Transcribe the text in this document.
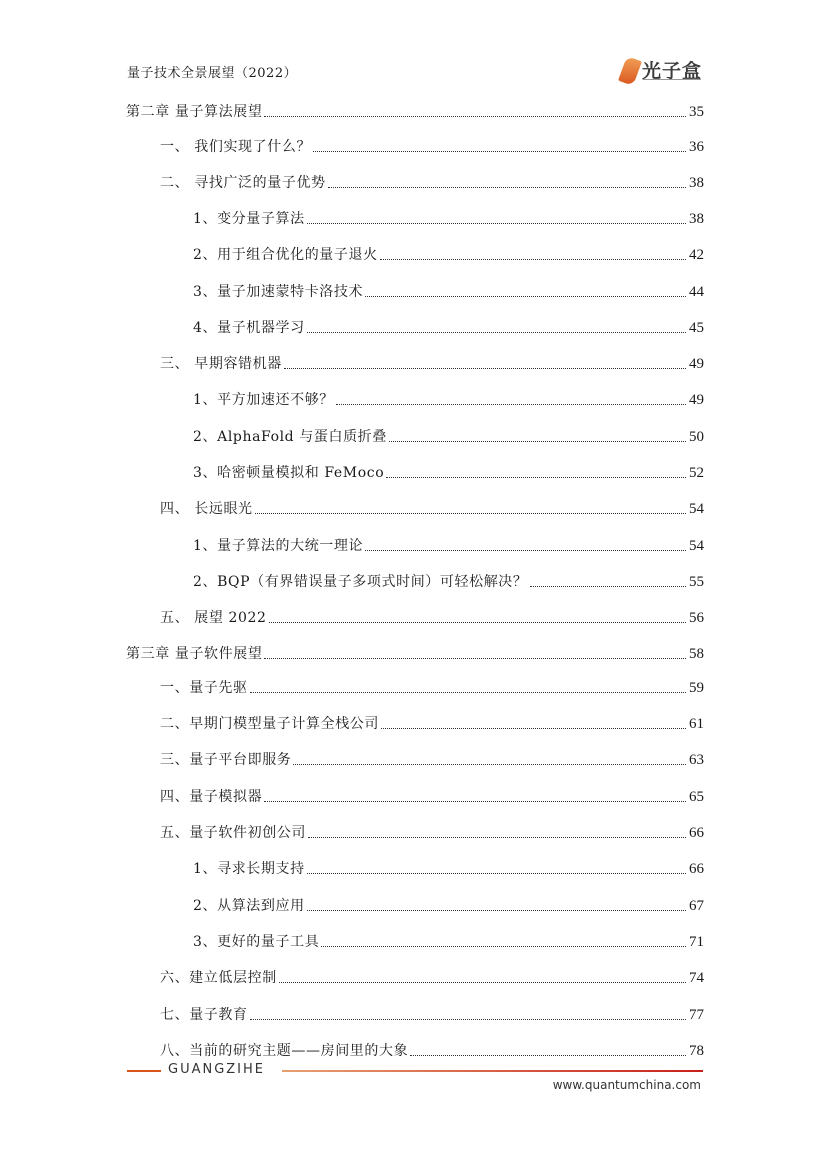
量子技术全景展望（2022）	光子盒
第二章 量子算法展望	35
一、 我们实现了什么？	36
二、 寻找广泛的量子优势	38
1、变分量子算法	38
2、用于组合优化的量子退火	42
3、量子加速蒙特卡洛技术	44
4、量子机器学习	45
三、 早期容错机器	49
1、平方加速还不够？	49
2、AlphaFold 与蛋白质折叠	50
3、哈密顿量模拟和 FeMoco	52
四、 长远眼光	54
1、量子算法的大统一理论	54
2、BQP（有界错误量子多项式时间）可轻松解决？	55
五、 展望 2022	56
第三章 量子软件展望	58
一、量子先驱	59
二、早期门模型量子计算全栈公司	61
三、量子平台即服务	63
四、量子模拟器	65
五、量子软件初创公司	66
1、寻求长期支持	66
2、从算法到应用	67
3、更好的量子工具	71
六、建立低层控制	74
七、量子教育	77
八、当前的研究主题——房间里的大象	78
GUANGZIHE
www.quantumchina.com
